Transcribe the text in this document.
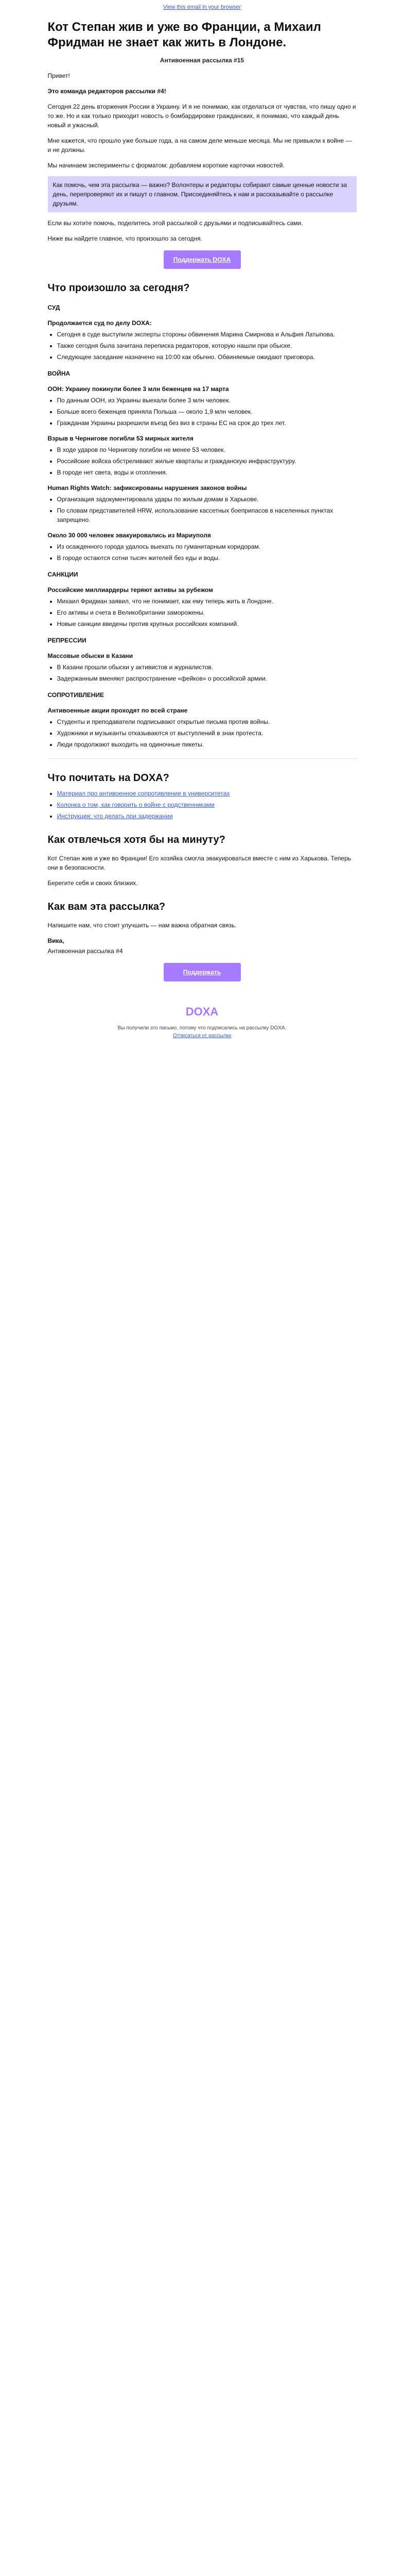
View this email in your browser
Кот Степан жив и уже во Франции, а Михаил Фридман не знает как жить в Лондоне.
Антивоенная рассылка #15

Привет!

Это команда редакторов рассылки #4!

Сегодня 22 день вторжения России в Украину. И я не понимаю, как отделаться от чувства, что пишу одно и то же. Но и как только приходит новость о бомбардировке гражданских, я понимаю, что каждый день новый и ужасный.

Мне кажется, что прошло уже больше года, а на самом деле меньше месяца. Мы не привыкли к войне — и не должны.

Мы начинаем эксперименты с форматом: добавляем короткие карточки новостей.

Как помочь, чем эта рассылка — важно? Волонтеры и редакторы собирают самые ценные новости за день, перепроверяют их и пишут о главном. Присоединяйтесь к нам и рассказывайте о рассылке друзьям.

Если вы хотите помочь, поделитесь этой рассылкой с друзьями и подписывайтесь сами.

Ниже вы найдете главное, что произошло за сегодня.

Поддержать DOXA
Что произошло за сегодня?
СУД
Продолжается суд по делу DOXA:
• Сегодня в суде выступили эксперты стороны обвинения Марина Смирнова и Альфия Латыпова.
• Также сегодня была зачитана переписка редакторов, которую нашли при обыске.
• Следующее заседание назначено на 10:00 как обычно. Обвиняемые ожидают приговора.
ВОЙНА
ООН: Украину покинули более 3 млн беженцев на 17 марта
• По данным ООН, из Украины выехали более 3 млн человек.
• Больше всего беженцев приняла Польша — около 1,9 млн человек.
• Гражданам Украины разрешили въезд без виз в страны ЕС на срок до трех лет.
Взрыв в Чернигове погибли 53 мирных жителя
• В ходе ударов по Чернигову погибли не менее 53 человек.
• Российские войска обстреливают жилые кварталы и гражданскую инфраструктуру.
• В городе нет света, воды и отопления.
Human Rights Watch: зафиксированы нарушения законов войны
• Организация задокументировала удары по жилым домам в Харькове.
• По словам представителей HRW, использование кассетных боеприпасов в населенных пунктах запрещено.
Около 30 000 человек эвакуировались из Мариуполя
• Из осажденного города удалось выехать по гуманитарным коридорам.
• В городе остаются сотни тысяч жителей без еды и воды.
САНКЦИИ
Российские миллиардеры теряют активы за рубежом
• Михаил Фридман заявил, что не понимает, как ему теперь жить в Лондоне.
• Его активы и счета в Великобритании заморожены.
• Новые санкции введены против крупных российских компаний.
РЕПРЕССИИ
Массовые обыски в Казани
• В Казани прошли обыски у активистов и журналистов.
• Задержанным вменяют распространение «фейков» о российской армии.
СОПРОТИВЛЕНИЕ
Антивоенные акции проходят по всей стране
• Студенты и преподаватели подписывают открытые письма против войны.
• Художники и музыканты отказываются от выступлений в знак протеста.
• Люди продолжают выходить на одиночные пикеты.
Что почитать на DOXA?
• Материал про антивоенное сопротивление в университетах
• Колонка о том, как говорить о войне с родственниками
• Инструкция: что делать при задержании
Как отвлечься хотя бы на минуту?

Кот Степан жив и уже во Франции! Его хозяйка смогла эвакуироваться вместе с ним из Харькова. Теперь они в безопасности.

Берегите себя и своих близких.

Как вам эта рассылка?

Напишите нам, что стоит улучшить — нам важна обратная связь.

Вика,

Антивоенная рассылка #4

Поддержать
DOXA
Вы получили это письмо, потому что подписались на рассылку DOXA.
Отписаться от рассылки
